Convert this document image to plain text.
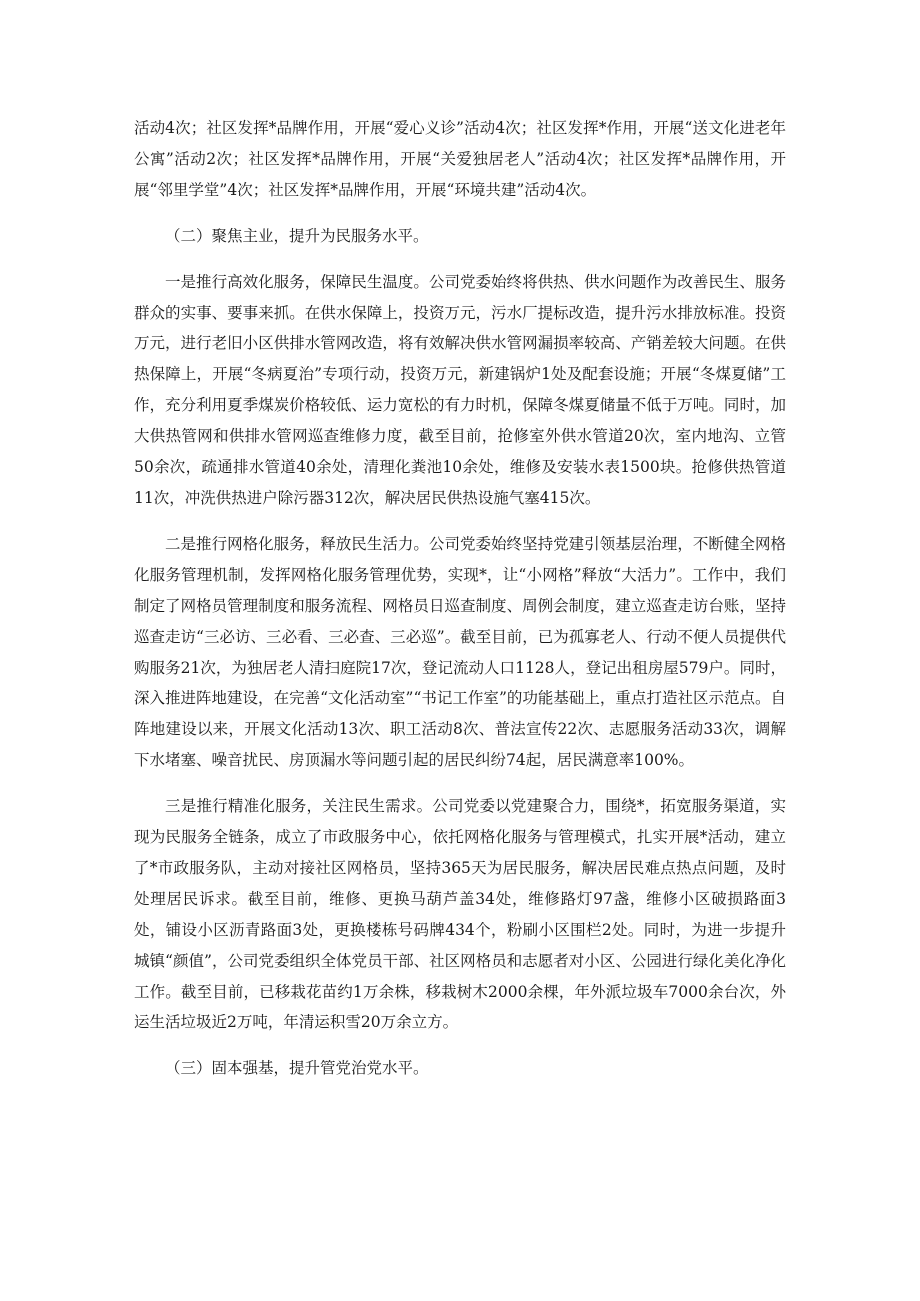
活动4次；社区发挥*品牌作用，开展“爱心义诊”活动4次；社区发挥*作用，开展“送文化进老年公寓”活动2次；社区发挥*品牌作用，开展“关爱独居老人”活动4次；社区发挥*品牌作用，开展“邻里学堂”4次；社区发挥*品牌作用，开展“环境共建”活动4次。

（二）聚焦主业，提升为民服务水平。

一是推行高效化服务，保障民生温度。公司党委始终将供热、供水问题作为改善民生、服务群众的实事、要事来抓。在供水保障上，投资万元，污水厂提标改造，提升污水排放标准。投资万元，进行老旧小区供排水管网改造，将有效解决供水管网漏损率较高、产销差较大问题。在供热保障上，开展“冬病夏治”专项行动，投资万元，新建锅炉1处及配套设施；开展“冬煤夏储”工作，充分利用夏季煤炭价格较低、运力宽松的有力时机，保障冬煤夏储量不低于万吨。同时，加大供热管网和供排水管网巡查维修力度，截至目前，抢修室外供水管道20次，室内地沟、立管50余次，疏通排水管道40余处，清理化粪池10余处，维修及安装水表1500块。抢修供热管道11次，冲洗供热进户除污器312次，解决居民供热设施气塞415次。

二是推行网格化服务，释放民生活力。公司党委始终坚持党建引领基层治理，不断健全网格化服务管理机制，发挥网格化服务管理优势，实现*，让“小网格”释放“大活力”。工作中，我们制定了网格员管理制度和服务流程、网格员日巡查制度、周例会制度，建立巡查走访台账，坚持巡查走访“三必访、三必看、三必查、三必巡”。截至目前，已为孤寡老人、行动不便人员提供代购服务21次，为独居老人清扫庭院17次，登记流动人口1128人，登记出租房屋579户。同时，深入推进阵地建设，在完善“文化活动室”“书记工作室”的功能基础上，重点打造社区示范点。自阵地建设以来，开展文化活动13次、职工活动8次、普法宣传22次、志愿服务活动33次，调解下水堵塞、噪音扰民、房顶漏水等问题引起的居民纠纷74起，居民满意率100%。

三是推行精准化服务，关注民生需求。公司党委以党建聚合力，围绕*，拓宽服务渠道，实现为民服务全链条，成立了市政服务中心，依托网格化服务与管理模式，扎实开展*活动，建立了*市政服务队，主动对接社区网格员，坚持365天为居民服务，解决居民难点热点问题，及时处理居民诉求。截至目前，维修、更换马葫芦盖34处，维修路灯97盏，维修小区破损路面3处，铺设小区沥青路面3处，更换楼栋号码牌434个，粉刷小区围栏2处。同时，为进一步提升城镇“颜值”，公司党委组织全体党员干部、社区网格员和志愿者对小区、公园进行绿化美化净化工作。截至目前，已移栽花苗约1万余株，移栽树木2000余棵，年外派垃圾车7000余台次，外运生活垃圾近2万吨，年清运积雪20万余立方。

（三）固本强基，提升管党治党水平。
